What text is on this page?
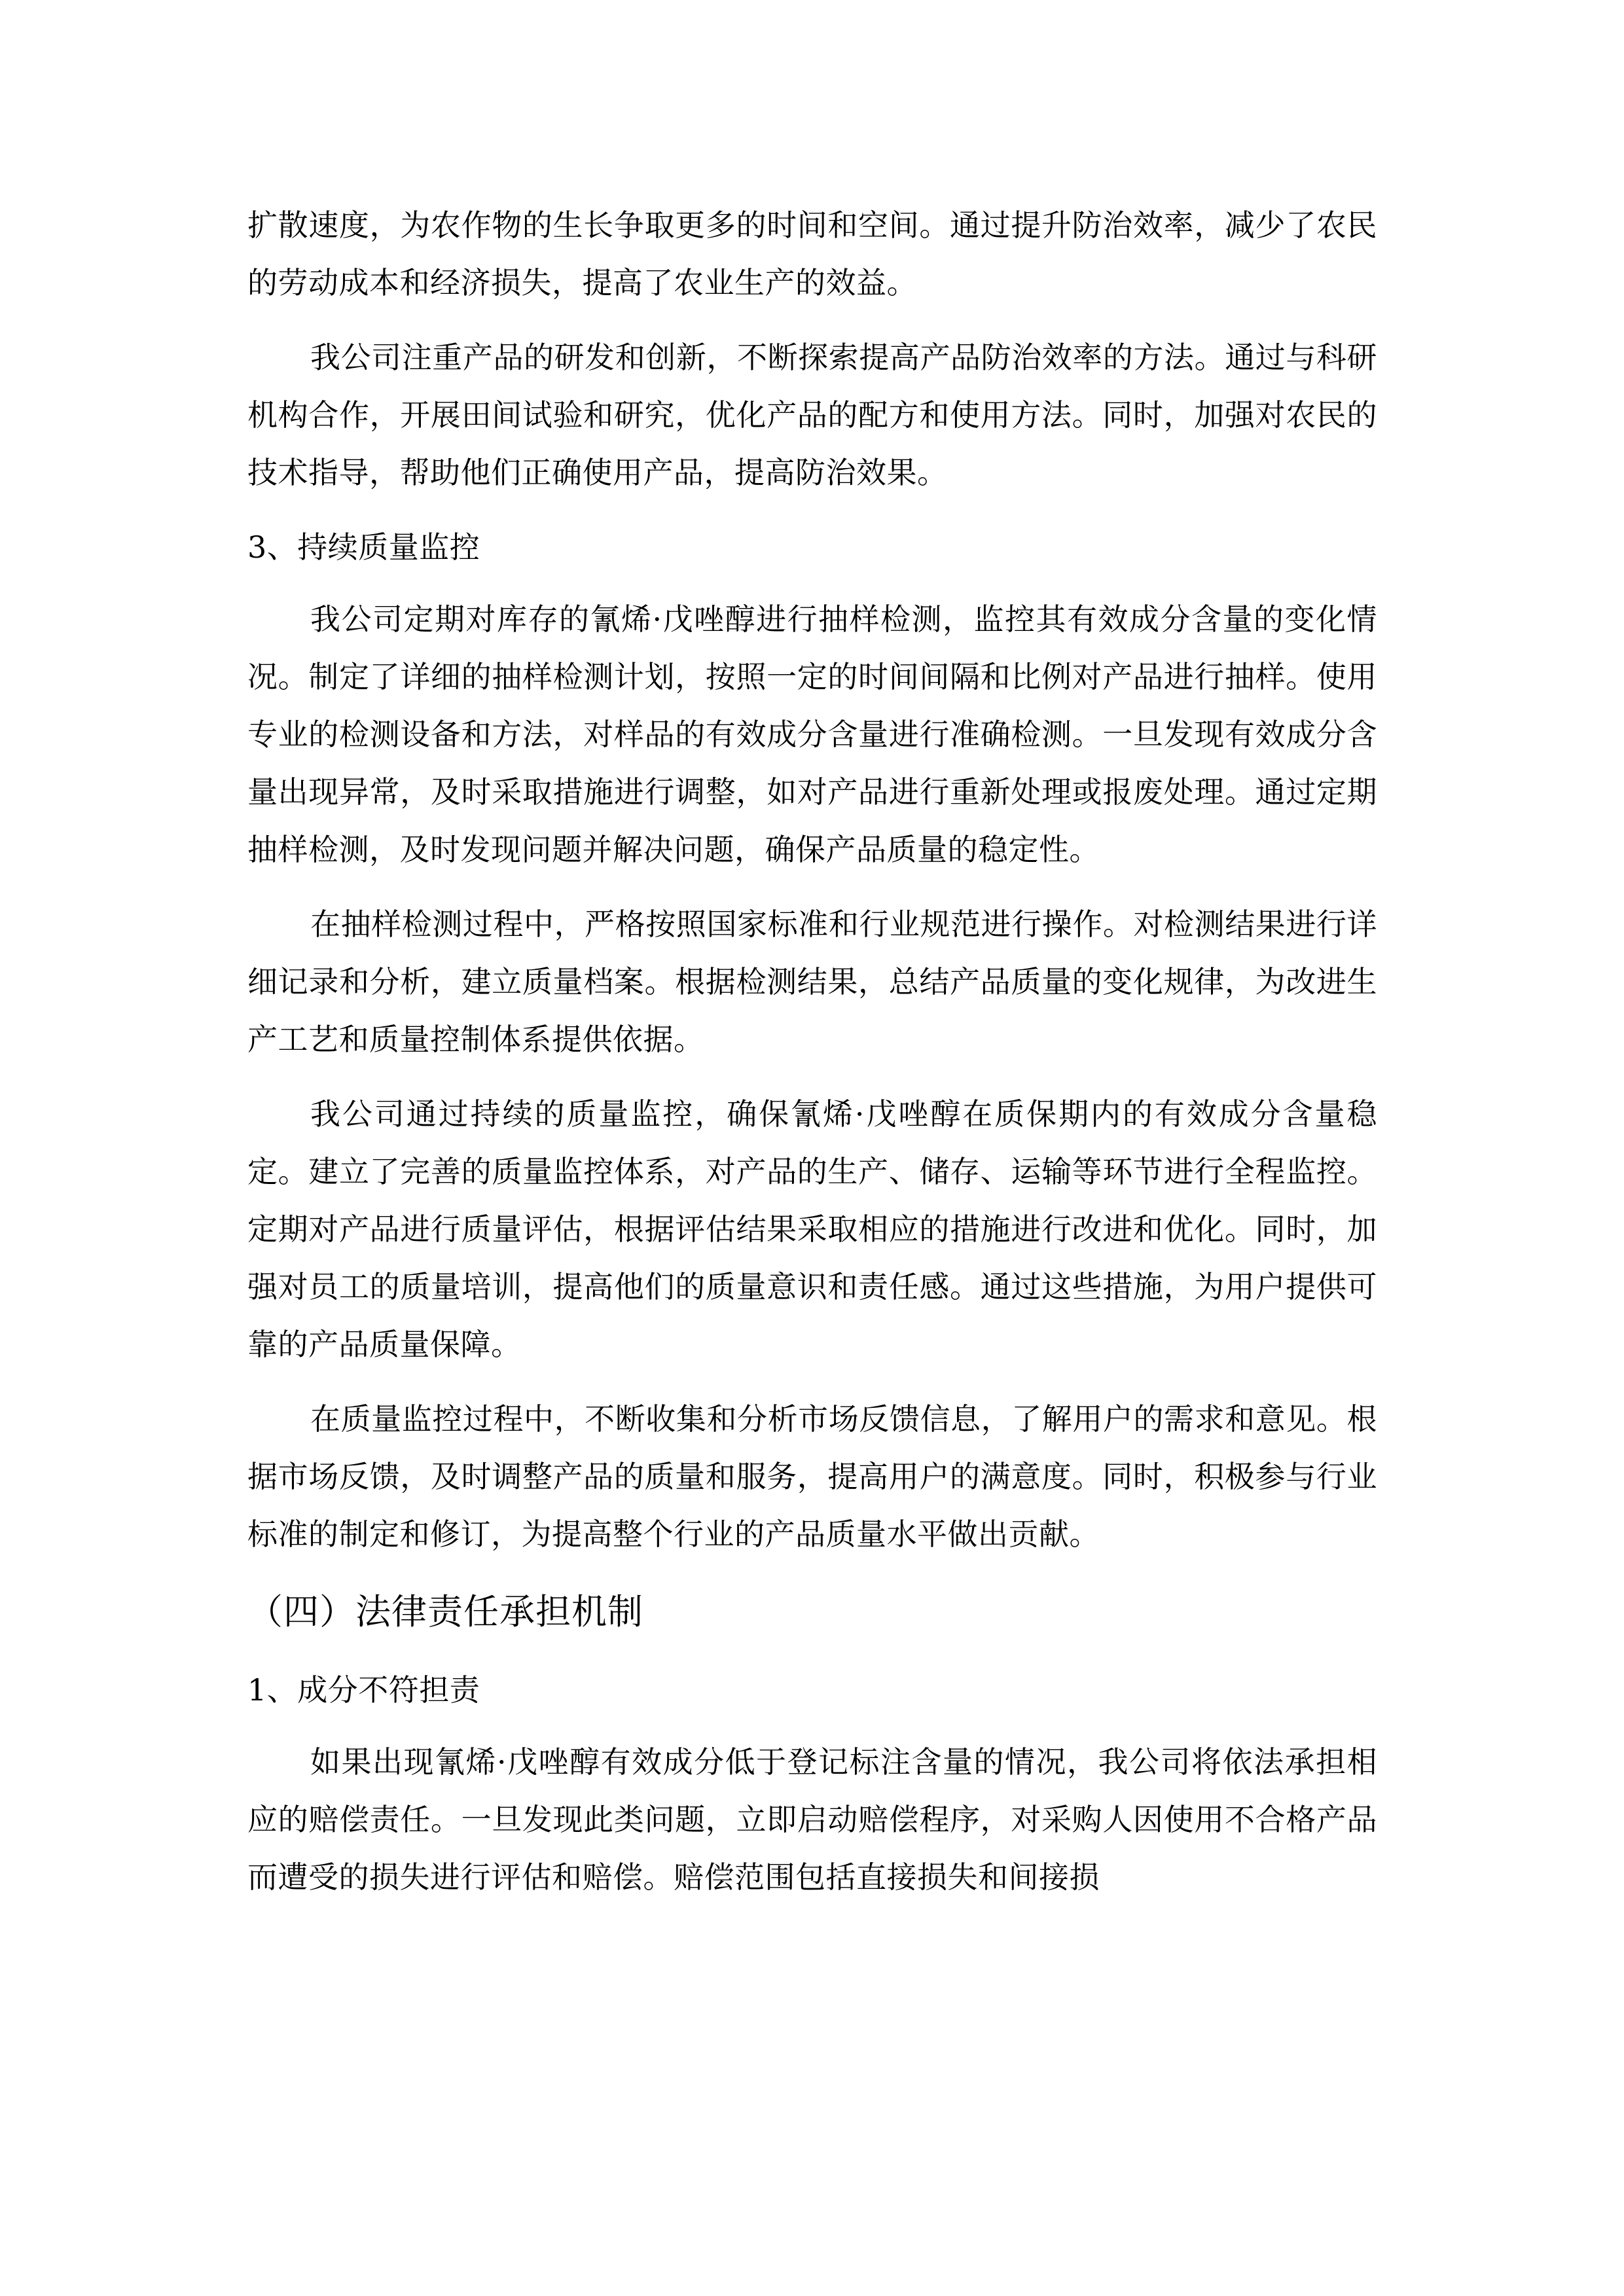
扩散速度，为农作物的生长争取更多的时间和空间。通过提升防治效率，减少了农民的劳动成本和经济损失，提高了农业生产的效益。

我公司注重产品的研发和创新，不断探索提高产品防治效率的方法。通过与科研机构合作，开展田间试验和研究，优化产品的配方和使用方法。同时，加强对农民的技术指导，帮助他们正确使用产品，提高防治效果。

3、持续质量监控

我公司定期对库存的氰烯·戊唑醇进行抽样检测，监控其有效成分含量的变化情况。制定了详细的抽样检测计划，按照一定的时间间隔和比例对产品进行抽样。使用专业的检测设备和方法，对样品的有效成分含量进行准确检测。一旦发现有效成分含量出现异常，及时采取措施进行调整，如对产品进行重新处理或报废处理。通过定期抽样检测，及时发现问题并解决问题，确保产品质量的稳定性。

在抽样检测过程中，严格按照国家标准和行业规范进行操作。对检测结果进行详细记录和分析，建立质量档案。根据检测结果，总结产品质量的变化规律，为改进生产工艺和质量控制体系提供依据。

我公司通过持续的质量监控，确保氰烯·戊唑醇在质保期内的有效成分含量稳定。建立了完善的质量监控体系，对产品的生产、储存、运输等环节进行全程监控。定期对产品进行质量评估，根据评估结果采取相应的措施进行改进和优化。同时，加强对员工的质量培训，提高他们的质量意识和责任感。通过这些措施，为用户提供可靠的产品质量保障。

在质量监控过程中，不断收集和分析市场反馈信息，了解用户的需求和意见。根据市场反馈，及时调整产品的质量和服务，提高用户的满意度。同时，积极参与行业标准的制定和修订，为提高整个行业的产品质量水平做出贡献。

（四）法律责任承担机制

1、成分不符担责

如果出现氰烯·戊唑醇有效成分低于登记标注含量的情况，我公司将依法承担相应的赔偿责任。一旦发现此类问题，立即启动赔偿程序，对采购人因使用不合格产品而遭受的损失进行评估和赔偿。赔偿范围包括直接损失和间接损
